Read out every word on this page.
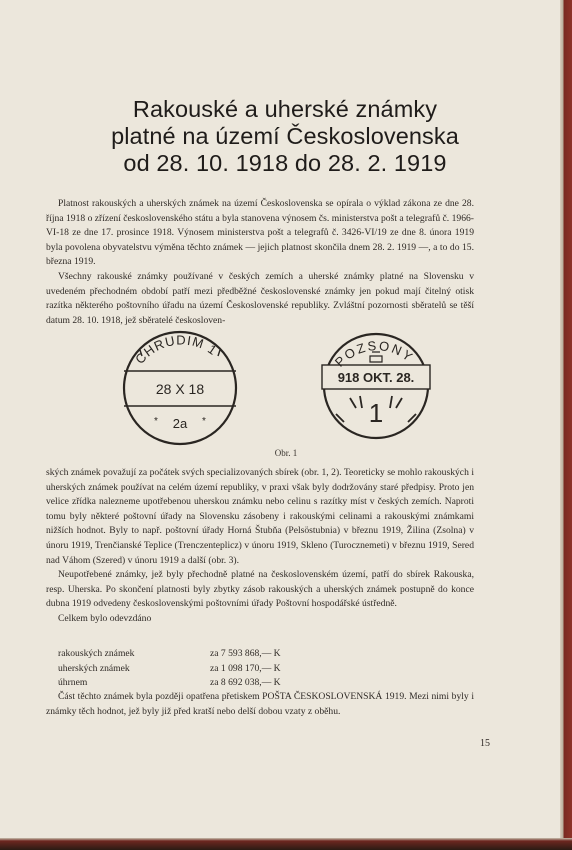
Rakouské a uherské známky
platné na území Československa
od 28. 10. 1918 do 28. 2. 1919

Platnost rakouských a uherských známek na území Československa se opírala o výklad zákona ze dne 28. října 1918 o zřízení československého státu a byla stanovena výnosem čs. ministerstva pošt a telegrafů č. 1966-VI-18 ze dne 17. prosince 1918. Výnosem ministerstva pošt a telegrafů č. 3426-VI/19 ze dne 8. února 1919 byla povolena obyvatelstvu výměna těchto známek — jejich platnost skončila dnem 28. 2. 1919 —, a to do 15. března 1919.

Všechny rakouské známky používané v českých zemích a uherské známky platné na Slovensku v uvedeném přechodném období patří mezi předběžné československé známky jen pokud mají čitelný otisk razítka některého poštovního úřadu na území Československé republiky. Zvláštní pozornosti sběratelů se těší datum 28. 10. 1918, jež sběratelé českosloven-

CHRUDIM 1
28 X 18
2a
*	*
POZSONY
918 OKT. 28.
1
Obr. 1

ských známek považují za počátek svých specializovaných sbírek (obr. 1, 2). Teoreticky se mohlo rakouských i uherských známek používat na celém území republiky, v praxi však byly dodržovány staré předpisy. Proto jen velice zřídka nalezneme upotřebenou uherskou známku nebo celinu s razítky míst v českých zemích. Naproti tomu byly některé poštovní úřady na Slovensku zásobeny i rakouskými celinami a rakouskými známkami nižších hodnot. Byly to např. poštovní úřady Horná Štubňa (Pelsöstubnia) v březnu 1919, Žilina (Zsolna) v únoru 1919, Trenčianské Teplice (Trenczenteplicz) v únoru 1919, Skleno (Turocznemeti) v březnu 1919, Sered nad Váhom (Szered) v únoru 1919 a další (obr. 3).

Neupotřebené známky, jež byly přechodně platné na československém území, patří do sbírek Rakouska, resp. Uherska. Po skončení platnosti byly zbytky zásob rakouských a uherských známek postupně do konce dubna 1919 odvedeny československými poštovními úřady Poštovní hospodářské ústředně.

Celkem bylo odevzdáno

rakouských známek	za 7 593 868,— K
uherských známek	za 1 098 170,— K
úhrnem	za 8 692 038,— K

Část těchto známek byla později opatřena přetiskem POŠTA ČESKOSLOVENSKÁ 1919. Mezi nimi byly i známky těch hodnot, jež byly již před kratší nebo delší dobou vzaty z oběhu.

15
